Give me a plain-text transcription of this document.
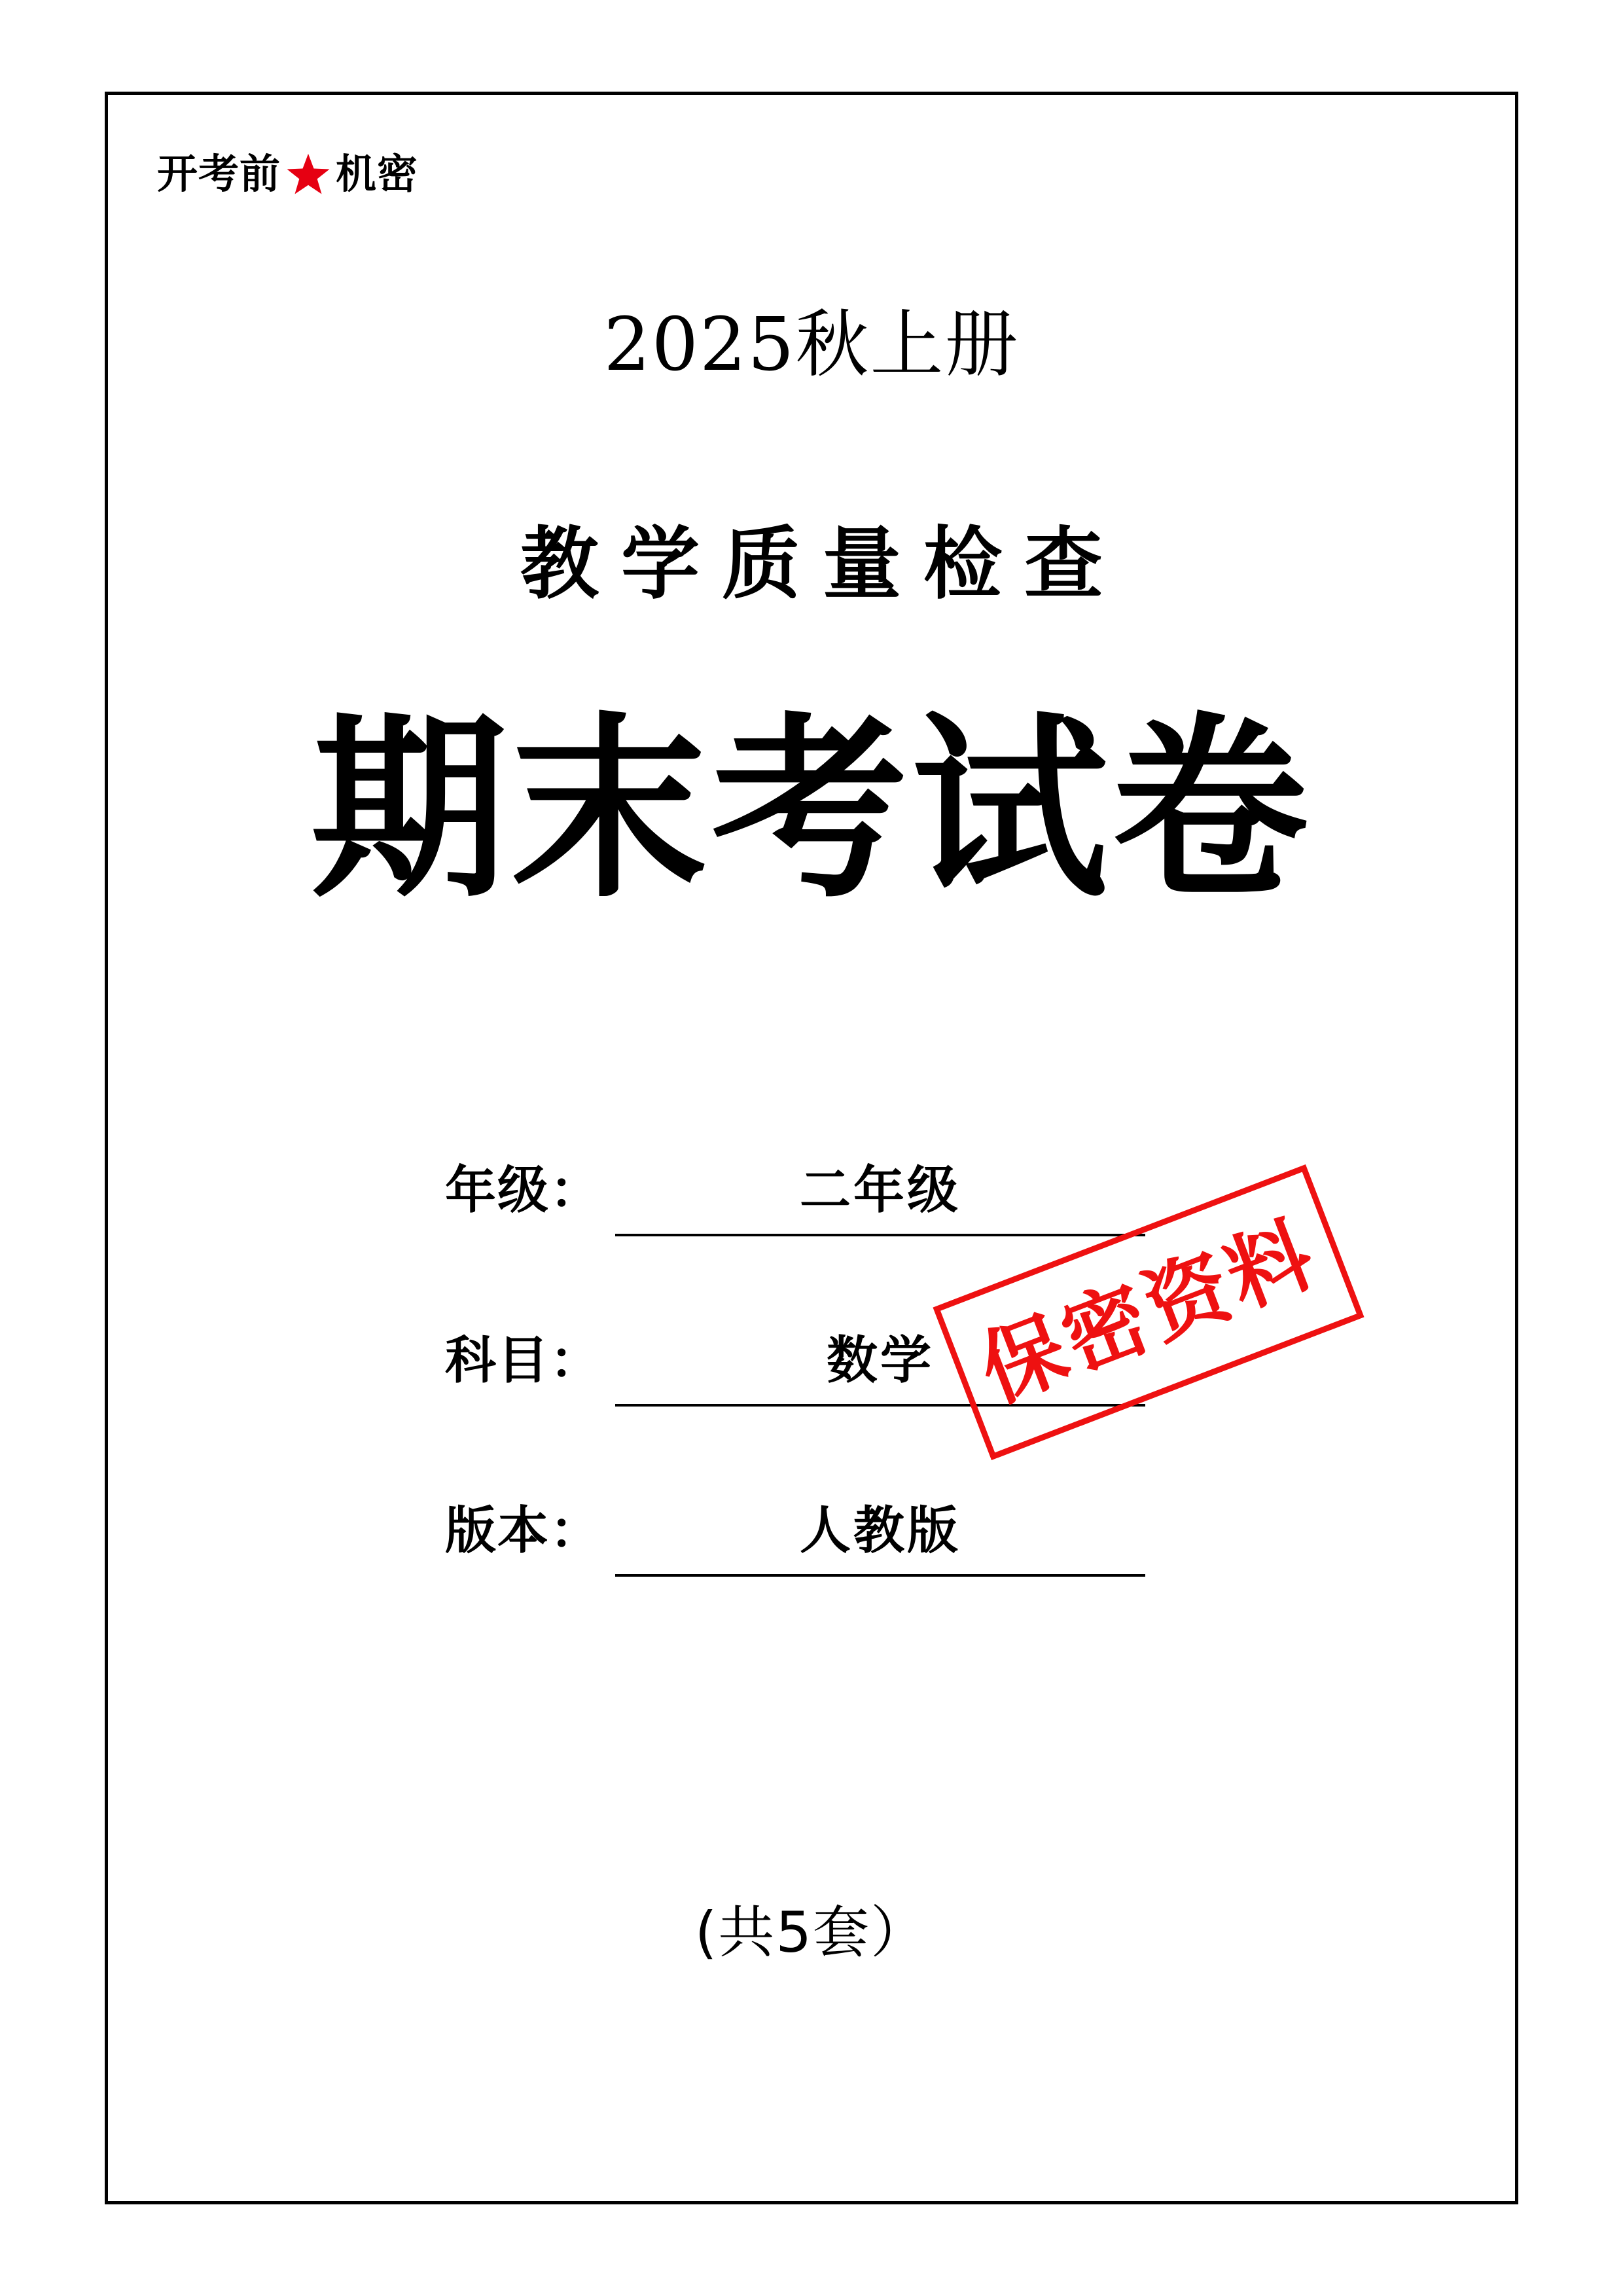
开考前 机密
2025秋上册
教学质量检查
期末考试卷
年级：	二年级
科目：	数学
版本：	人教版
保密资料
(共5套）
